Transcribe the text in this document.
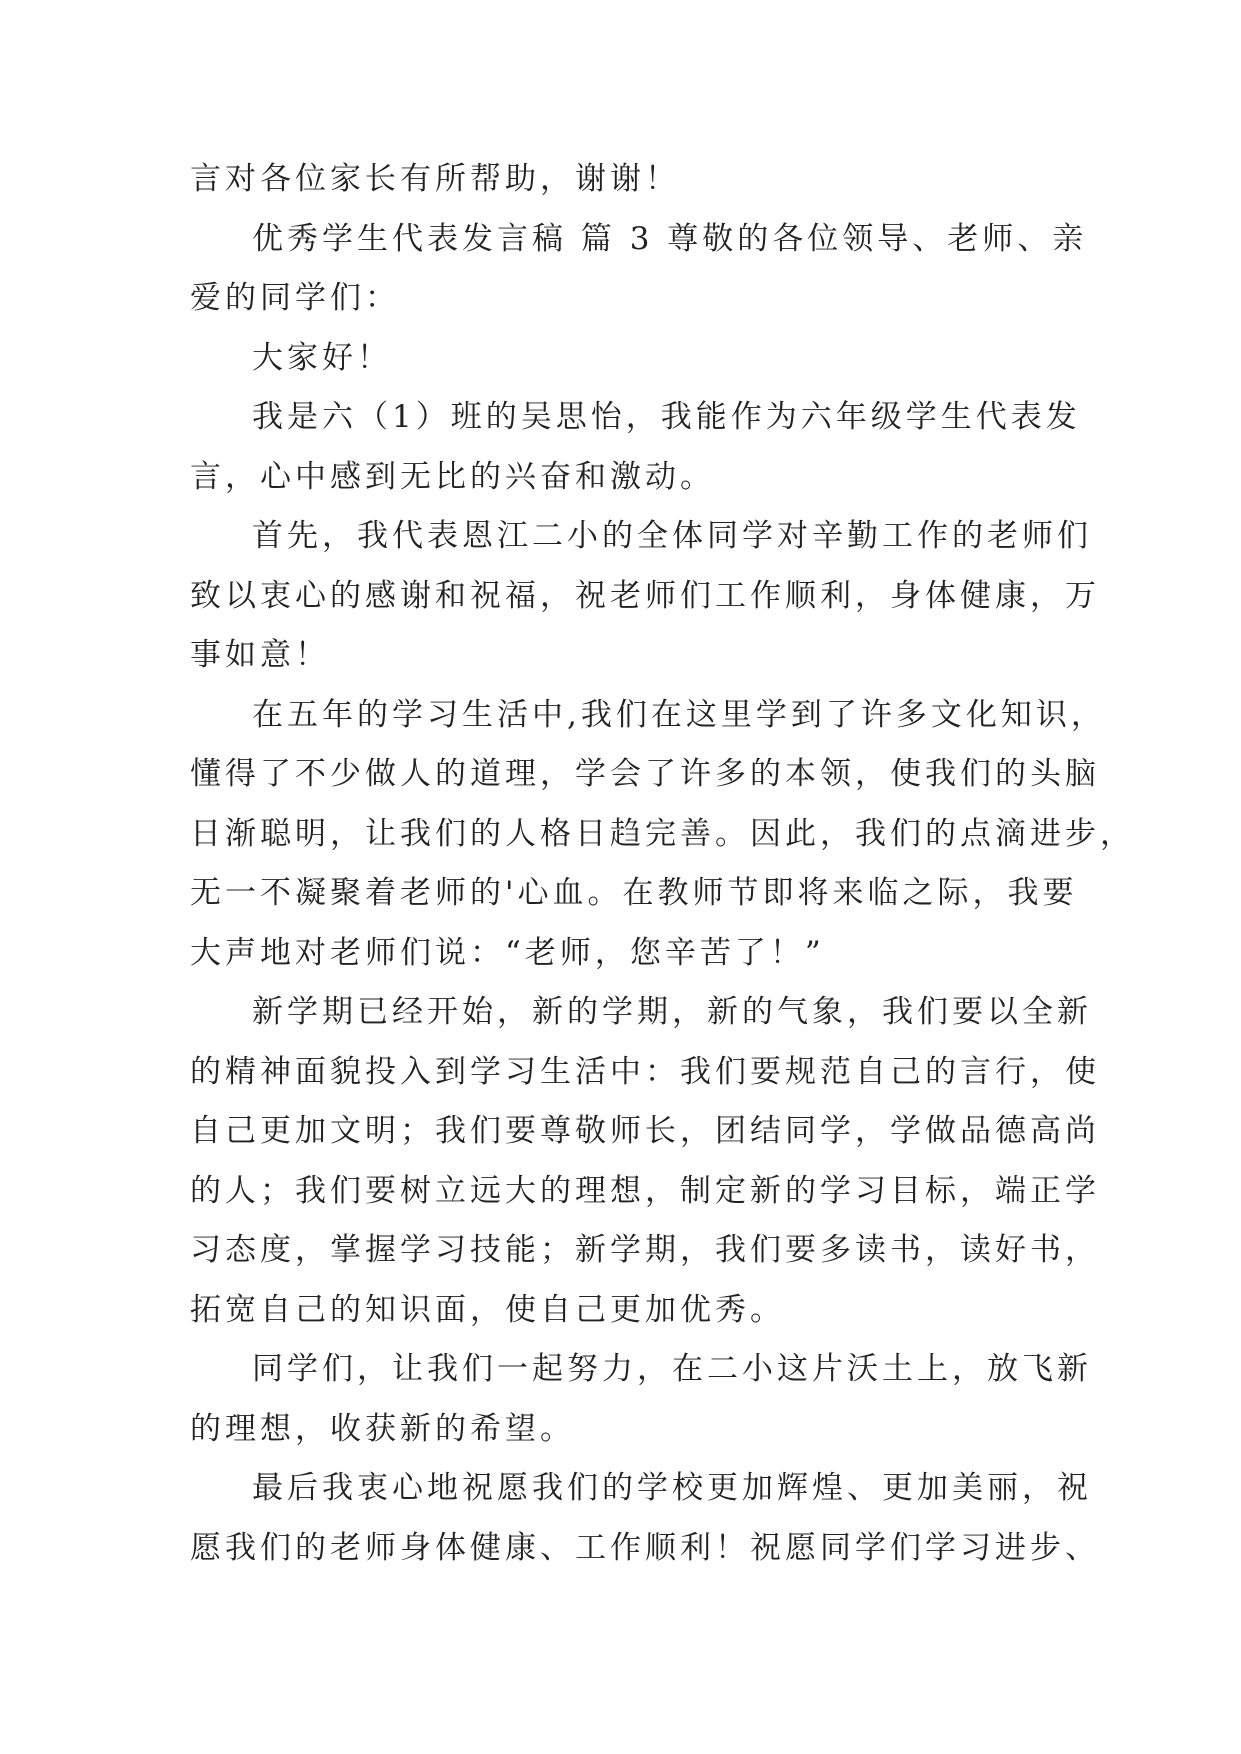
言对各位家长有所帮助，谢谢！
优秀学生代表发言稿 篇 3 尊敬的各位领导、老师、亲
爱的同学们：
大家好！
我是六（1）班的吴思怡，我能作为六年级学生代表发
言，心中感到无比的兴奋和激动。
首先，我代表恩江二小的全体同学对辛勤工作的老师们
致以衷心的感谢和祝福，祝老师们工作顺利，身体健康，万
事如意！
在五年的学习生活中,我们在这里学到了许多文化知识，
懂得了不少做人的道理，学会了许多的本领，使我们的头脑
日渐聪明，让我们的人格日趋完善。因此，我们的点滴进步，
无一不凝聚着老师的'心血。在教师节即将来临之际，我要
大声地对老师们说：“老师，您辛苦了！”
新学期已经开始，新的学期，新的气象，我们要以全新
的精神面貌投入到学习生活中：我们要规范自己的言行，使
自己更加文明；我们要尊敬师长，团结同学，学做品德高尚
的人；我们要树立远大的理想，制定新的学习目标，端正学
习态度，掌握学习技能；新学期，我们要多读书，读好书，
拓宽自己的知识面，使自己更加优秀。
同学们，让我们一起努力，在二小这片沃土上，放飞新
的理想，收获新的希望。
最后我衷心地祝愿我们的学校更加辉煌、更加美丽，祝
愿我们的老师身体健康、工作顺利！祝愿同学们学习进步、
